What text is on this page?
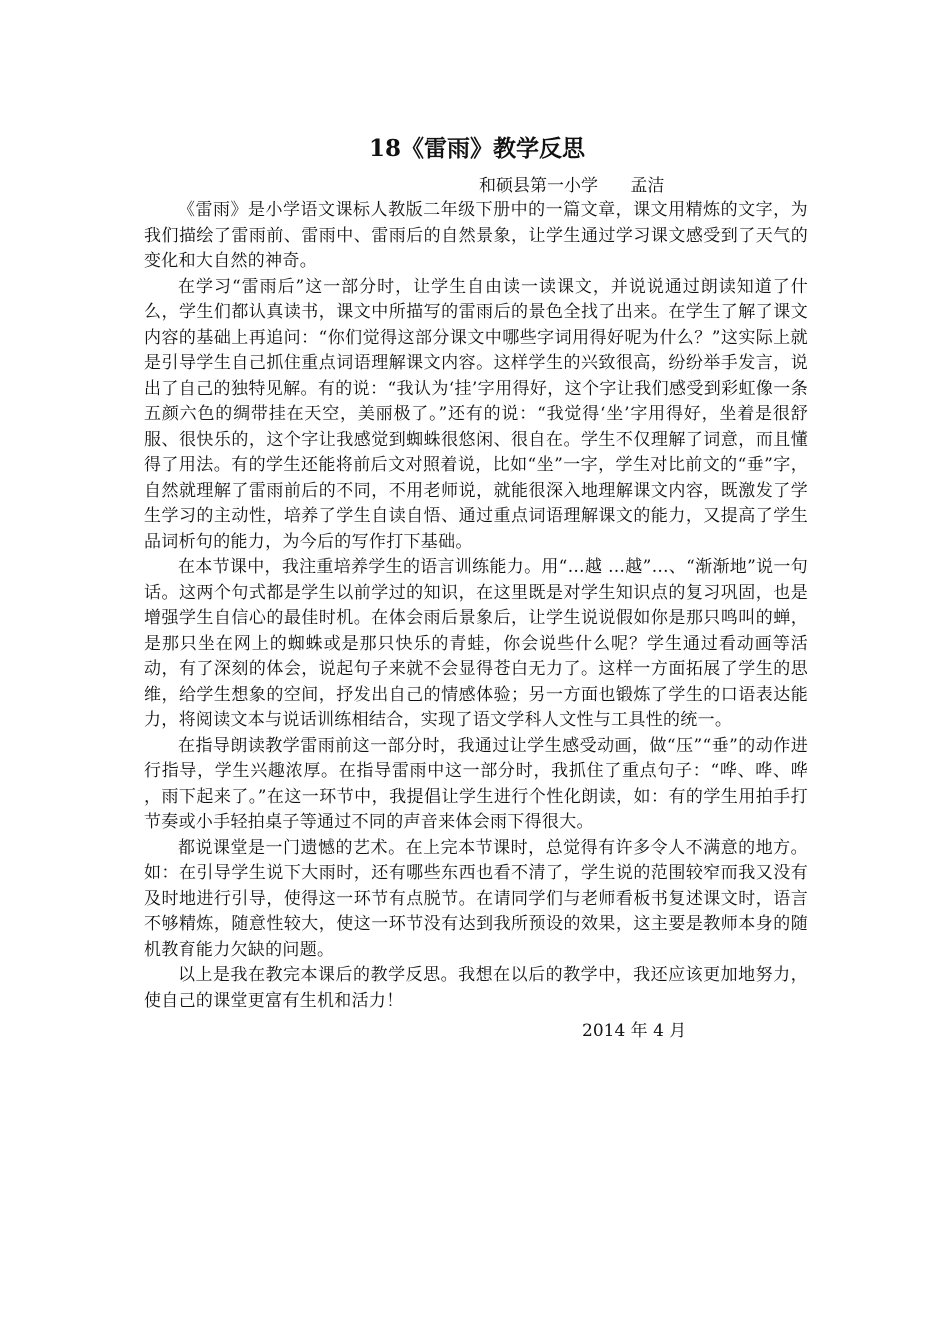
18《雷雨》教学反思
和硕县第一小学      孟洁

《雷雨》是小学语文课标人教版二年级下册中的一篇文章，课文用精炼的文字，为我们描绘了雷雨前、雷雨中、雷雨后的自然景象，让学生通过学习课文感受到了天气的变化和大自然的神奇。

在学习“雷雨后”这一部分时，让学生自由读一读课文，并说说通过朗读知道了什么，学生们都认真读书，课文中所描写的雷雨后的景色全找了出来。在学生了解了课文内容的基础上再追问：“你们觉得这部分课文中哪些字词用得好呢为什么？”这实际上就是引导学生自己抓住重点词语理解课文内容。这样学生的兴致很高，纷纷举手发言，说出了自己的独特见解。有的说：“我认为‘挂’字用得好，这个字让我们感受到彩虹像一条五颜六色的绸带挂在天空，美丽极了。”还有的说：“我觉得‘坐’字用得好，坐着是很舒服、很快乐的，这个字让我感觉到蜘蛛很悠闲、很自在。学生不仅理解了词意，而且懂得了用法。有的学生还能将前后文对照着说，比如“坐”一字，学生对比前文的“垂”字，自然就理解了雷雨前后的不同，不用老师说，就能很深入地理解课文内容，既激发了学生学习的主动性，培养了学生自读自悟、通过重点词语理解课文的能力，又提高了学生品词析句的能力，为今后的写作打下基础。

在本节课中，我注重培养学生的语言训练能力。用“…越 …越”…、“渐渐地”说一句话。这两个句式都是学生以前学过的知识，在这里既是对学生知识点的复习巩固，也是增强学生自信心的最佳时机。在体会雨后景象后，让学生说说假如你是那只鸣叫的蝉，是那只坐在网上的蜘蛛或是那只快乐的青蛙，你会说些什么呢？学生通过看动画等活动，有了深刻的体会，说起句子来就不会显得苍白无力了。这样一方面拓展了学生的思维，给学生想象的空间，抒发出自己的情感体验；另一方面也锻炼了学生的口语表达能力，将阅读文本与说话训练相结合，实现了语文学科人文性与工具性的统一。

在指导朗读教学雷雨前这一部分时，我通过让学生感受动画，做“压”“垂”的动作进行指导，学生兴趣浓厚。在指导雷雨中这一部分时，我抓住了重点句子：“哗、哗、哗 ，雨下起来了。”在这一环节中，我提倡让学生进行个性化朗读，如：有的学生用拍手打节奏或小手轻拍桌子等通过不同的声音来体会雨下得很大。

都说课堂是一门遗憾的艺术。在上完本节课时，总觉得有许多令人不满意的地方。如：在引导学生说下大雨时，还有哪些东西也看不清了，学生说的范围较窄而我又没有及时地进行引导，使得这一环节有点脱节。在请同学们与老师看板书复述课文时，语言不够精炼，随意性较大，使这一环节没有达到我所预设的效果，这主要是教师本身的随机教育能力欠缺的问题。

以上是我在教完本课后的教学反思。我想在以后的教学中，我还应该更加地努力，使自己的课堂更富有生机和活力！

2014 年 4 月
